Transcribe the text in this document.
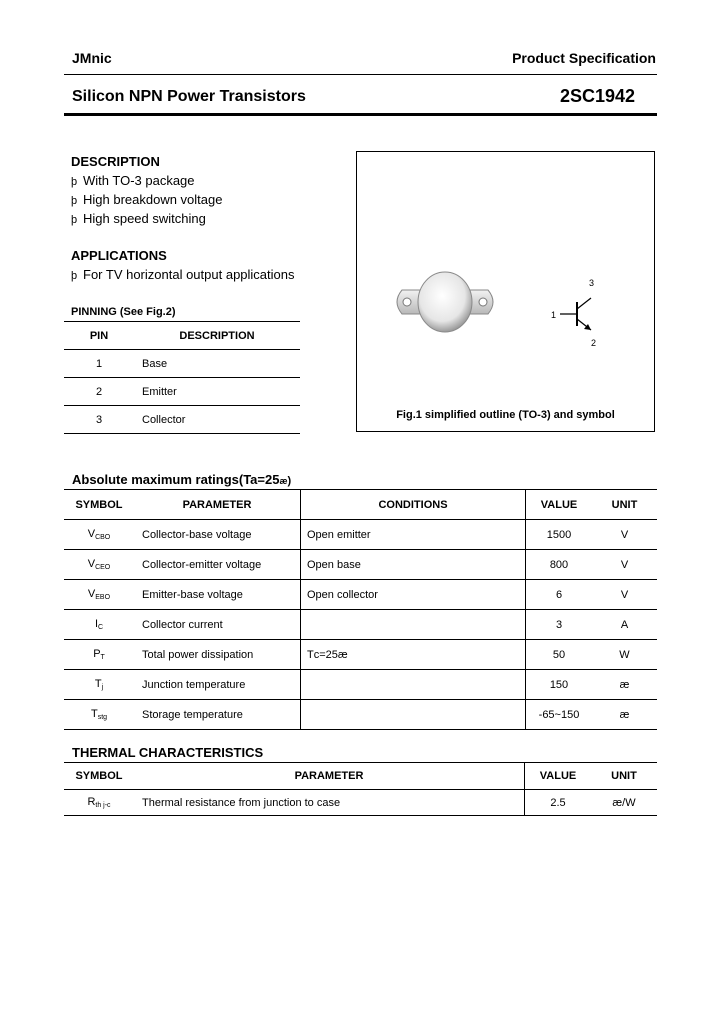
JMnic	Product Specification
Silicon NPN Power Transistors	2SC1942
DESCRIPTION
þ With TO-3 package
þ High breakdown voltage
þ High speed switching
APPLICATIONS
þ For TV horizontal output applications
PINNING (See Fig.2)
PIN	DESCRIPTION
1	Base
2	Emitter
3	Collector
3
1
2
Fig.1 simplified outline (TO-3) and symbol
Absolute maximum ratings(Ta=25æ)
SYMBOL	PARAMETER	CONDITIONS	VALUE	UNIT
$V_{CBO}$	Collector-base voltage	Open emitter	1500	V
$V_{CEO}$	Collector-emitter voltage	Open base	800	V
$V_{EBO}$	Emitter-base voltage	Open collector	6	V
$I_C$	Collector current		3	A
$P_T$	Total power dissipation	Tᴄ=25æ	50	W
$T_j$	Junction temperature		150	æ
$T_{stg}$	Storage temperature		-65~150	æ
THERMAL CHARACTERISTICS
SYMBOL	PARAMETER	VALUE	UNIT
$R_{th j-c}$	Thermal resistance from junction to case	2.5	æ/W
